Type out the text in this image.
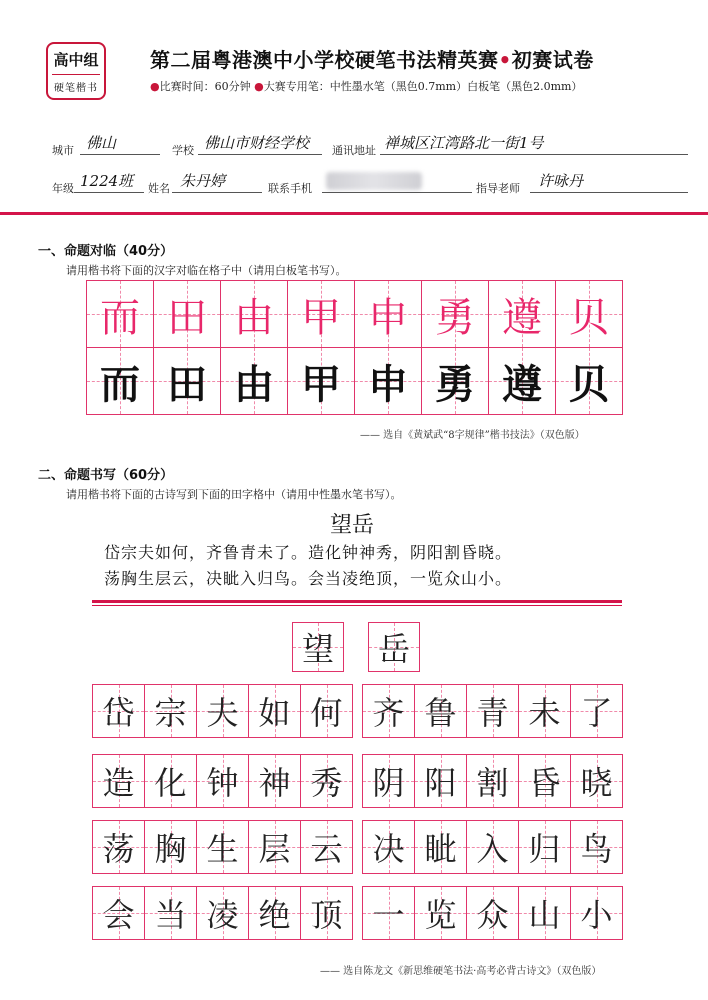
高中组
硬笔楷书
第二届粤港澳中小学校硬笔书法精英赛•初赛试卷
●比赛时间：60分钟 ●大赛专用笔：中性墨水笔（黑色0.7mm）白板笔（黑色2.0mm）
城市 佛山	学校 佛山市财经学校 通讯地址 禅城区江湾路北一街1号
年级 1224班 姓名 朱丹婷	联系手机	指导老师 许咏丹
一、命题对临（40分）
请用楷书将下面的汉字对临在格子中（请用白板笔书写）。
而 田 由 甲 申 勇 遵 贝
而 田 由 甲 申 勇 遵 贝
—— 选自《黄斌武“8字规律”楷书技法》（双色版）
二、命题书写（60分）
请用楷书将下面的古诗写到下面的田字格中（请用中性墨水笔书写）。
望岳
岱宗夫如何，齐鲁青未了。造化钟神秀，阴阳割昏晓。
荡胸生层云，决眦入归鸟。会当凌绝顶，一览众山小。
望 岳
岱 宗 夫 如 何 齐 鲁 青 未 了
造 化 钟 神 秀 阴 阳 割 昏 晓
荡 胸 生 层 云 决 眦 入 归 鸟
会 当 凌 绝 顶 一 览 众 山 小
—— 选自陈龙文《新思维硬笔书法·高考必背古诗文》（双色版）
